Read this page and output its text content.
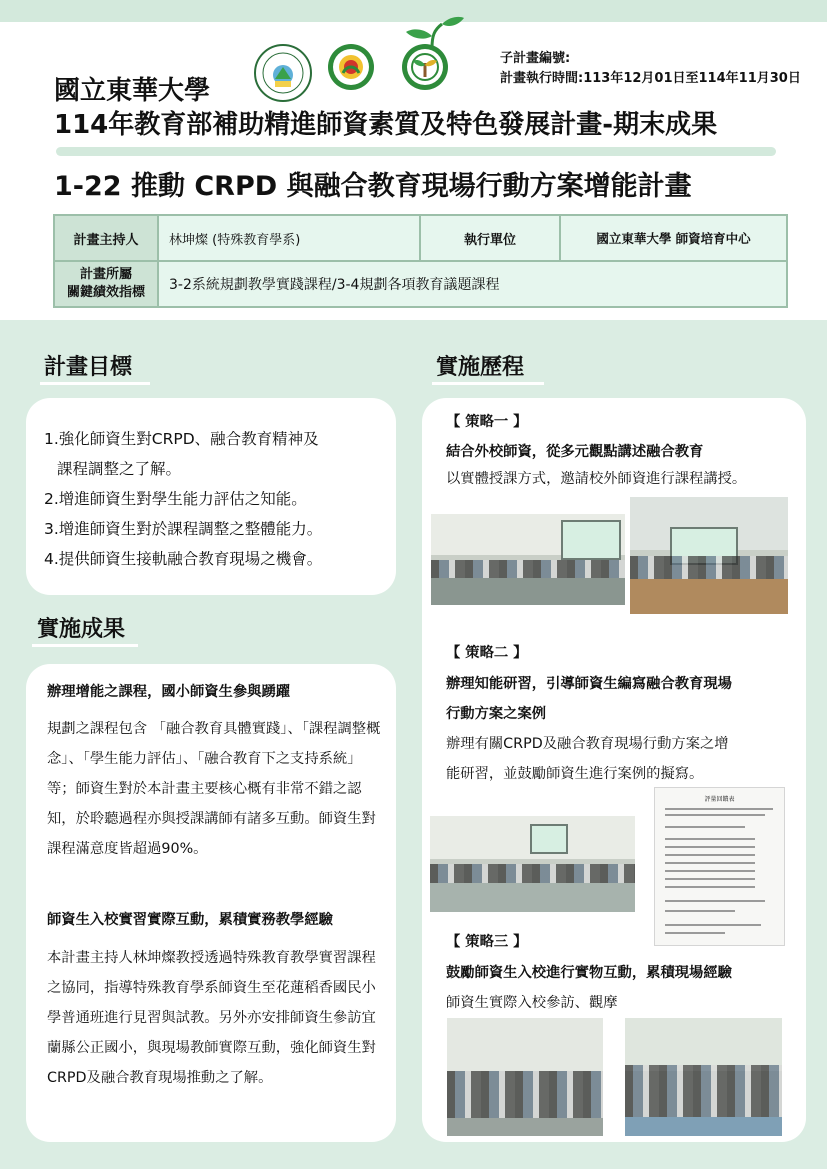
子計畫編號:
計畫執行時間:113年12月01日至114年11月30日
國立東華大學
114年教育部補助精進師資素質及特色發展計畫-期末成果
1-22 推動 CRPD 與融合教育現場行動方案增能計畫
計畫主持人	林坤燦 (特殊教育學系)	執行單位	國立東華大學 師資培育中心

計畫所屬
關鍵績效指標	3-2系統規劃教學實踐課程/3-4規劃各項教育議題課程		
計畫目標
1.強化師資生對CRPD、融合教育精神及
課程調整之了解。
2.增進師資生對學生能力評估之知能。
3.增進師資生對於課程調整之整體能力。
4.提供師資生接軌融合教育現場之機會。
實施成果
辦理增能之課程，國小師資生參與踴躍
規劃之課程包含 「融合教育具體實踐」、「課程調整概念」、「學生能力評估」、「融合教育下之支持系統」等；師資生對於本計畫主要核心概有非常不錯之認知，於聆聽過程亦與授課講師有諸多互動。師資生對課程滿意度皆超過90%。
師資生入校實習實際互動，累積實務教學經驗
本計畫主持人林坤燦教授透過特殊教育教學實習課程之協同，指導特殊教育學系師資生至花蓮稻香國民小學普通班進行見習與試教。另外亦安排師資生參訪宜蘭縣公正國小，與現場教師實際互動，強化師資生對CRPD及融合教育現場推動之了解。
實施歷程
【 策略一 】
結合外校師資，從多元觀點講述融合教育
以實體授課方式，邀請校外師資進行課程講授。
【 策略二 】
辦理知能研習，引導師資生編寫融合教育現場
行動方案之案例
辦理有關CRPD及融合教育現場行動方案之增
能研習，並鼓勵師資生進行案例的擬寫。
評量回饋表
【 策略三 】
鼓勵師資生入校進行實物互動，累積現場經驗
師資生實際入校參訪、觀摩
